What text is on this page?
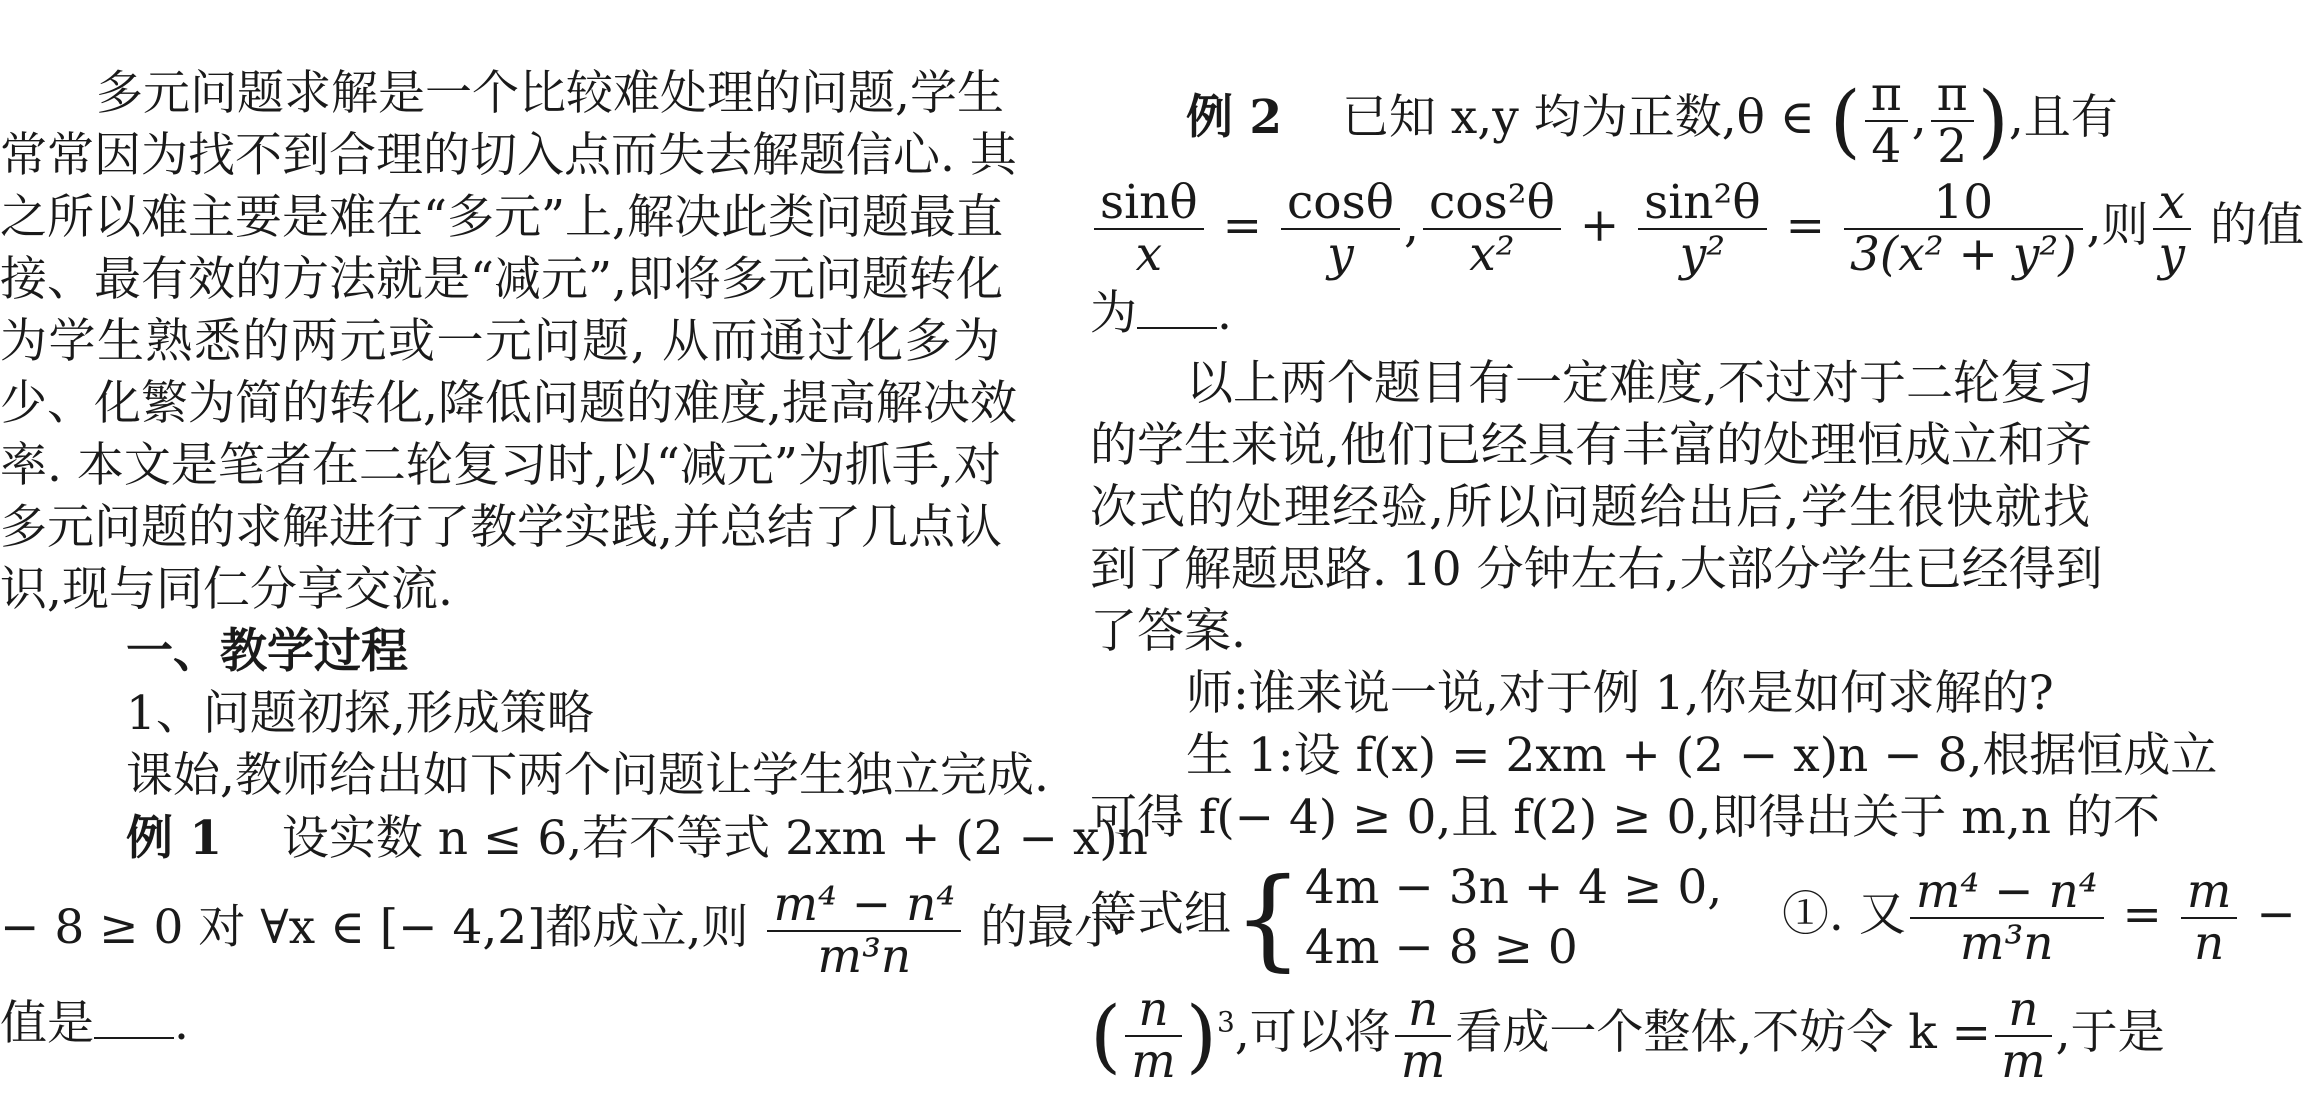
多元问题求解是一个比较难处理的问题,学生
常常因为找不到合理的切入点而失去解题信心. 其
之所以难主要是难在“多元”上,解决此类问题最直
接、最有效的方法就是“减元”,即将多元问题转化
为学生熟悉的两元或一元问题, 从而通过化多为
少、化繁为简的转化,降低问题的难度,提高解决效
率. 本文是笔者在二轮复习时,以“减元”为抓手,对
多元问题的求解进行了教学实践,并总结了几点认
识,现与同仁分享交流.
一、教学过程
1、问题初探,形成策略
课始,教师给出如下两个问题让学生独立完成.
例 1 设实数 n ≤ 6,若不等式 2xm + (2 − x)n
− 8 ≥ 0 对 ∀x ∈ [− 4,2]都成立,则 $\frac{\text{m⁴ − n⁴}}{\text{m³n}}$ 的最小
值是 .
例 2 已知 x,y 均为正数,θ ∈ ( $\frac{\pi}{4}$ , $\frac{\pi}{2}$ ),且有
$\frac{\sin\theta}{x} = \frac{\cos\theta}{y}$ , $\frac{\text{cos²θ}}{\text{x²}} + \frac{\text{sin²θ}}{\text{y²}} = \frac{10}{\text{3(x² + y²)}}$ ,则 $\frac{x}{y}$ 的值
为 .
以上两个题目有一定难度,不过对于二轮复习
的学生来说,他们已经具有丰富的处理恒成立和齐
次式的处理经验,所以问题给出后,学生很快就找
到了解题思路. 10 分钟左右,大部分学生已经得到
了答案.
师:谁来说一说,对于例 1,你是如何求解的?
生 1:设 f(x) = 2xm + (2 − x)n − 8,根据恒成立
可得 f(− 4) ≥ 0,且 f(2) ≥ 0,即得出关于 m,n 的不
等式组{ 4m − 3n + 4 ≥ 0,
4m − 8 ≥ 0
①. 又 $\frac{\text{m⁴ − n⁴}}{\text{m³n}} = \frac{m}{n}$ −
( $\frac{n}{m} )^3$,可以将 $\frac{n}{m}$ 看成一个整体,不妨令 $k = \frac{n}{m}$ ,于是
